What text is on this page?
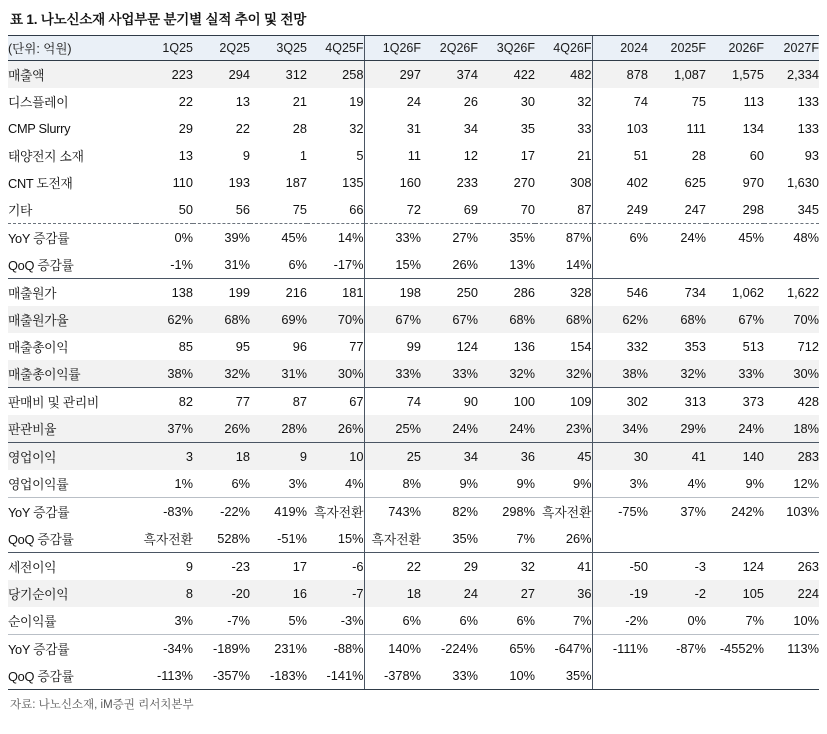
표 1. 나노신소재 사업부문 분기별 실적 추이 및 전망
(단위: 억원)	1Q25	2Q25	3Q25	4Q25F	1Q26F	2Q26F	3Q26F	4Q26F	2024	2025F	2026F	2027F
매출액	223	294	312	258	297	374	422	482	878	1,087	1,575	2,334
디스플레이	22	13	21	19	24	26	30	32	74	75	113	133
CMP Slurry	29	22	28	32	31	34	35	33	103	111	134	133
태양전지 소재	13	9	1	5	11	12	17	21	51	28	60	93
CNT 도전재	110	193	187	135	160	233	270	308	402	625	970	1,630
기타	50	56	75	66	72	69	70	87	249	247	298	345
YoY 증감률	0%	39%	45%	14%	33%	27%	35%	87%	6%	24%	45%	48%
QoQ 증감률	-1%	31%	6%	-17%	15%	26%	13%	14%				
매출원가	138	199	216	181	198	250	286	328	546	734	1,062	1,622
매출원가율	62%	68%	69%	70%	67%	67%	68%	68%	62%	68%	67%	70%
매출총이익	85	95	96	77	99	124	136	154	332	353	513	712
매출총이익률	38%	32%	31%	30%	33%	33%	32%	32%	38%	32%	33%	30%
판매비 및 관리비	82	77	87	67	74	90	100	109	302	313	373	428
판관비율	37%	26%	28%	26%	25%	24%	24%	23%	34%	29%	24%	18%
영업이익	3	18	9	10	25	34	36	45	30	41	140	283
영업이익률	1%	6%	3%	4%	8%	9%	9%	9%	3%	4%	9%	12%
YoY 증감률	-83%	-22%	419%	흑자전환	743%	82%	298%	흑자전환	-75%	37%	242%	103%
QoQ 증감률	흑자전환	528%	-51%	15%	흑자전환	35%	7%	26%				
세전이익	9	-23	17	-6	22	29	32	41	-50	-3	124	263
당기순이익	8	-20	16	-7	18	24	27	36	-19	-2	105	224
순이익률	3%	-7%	5%	-3%	6%	6%	6%	7%	-2%	0%	7%	10%
YoY 증감률	-34%	-189%	231%	-88%	140%	-224%	65%	-647%	-111%	-87%	-4552%	113%
QoQ 증감률	-113%	-357%	-183%	-141%	-378%	33%	10%	35%				
자료: 나노신소재, iM증권 리서치본부
